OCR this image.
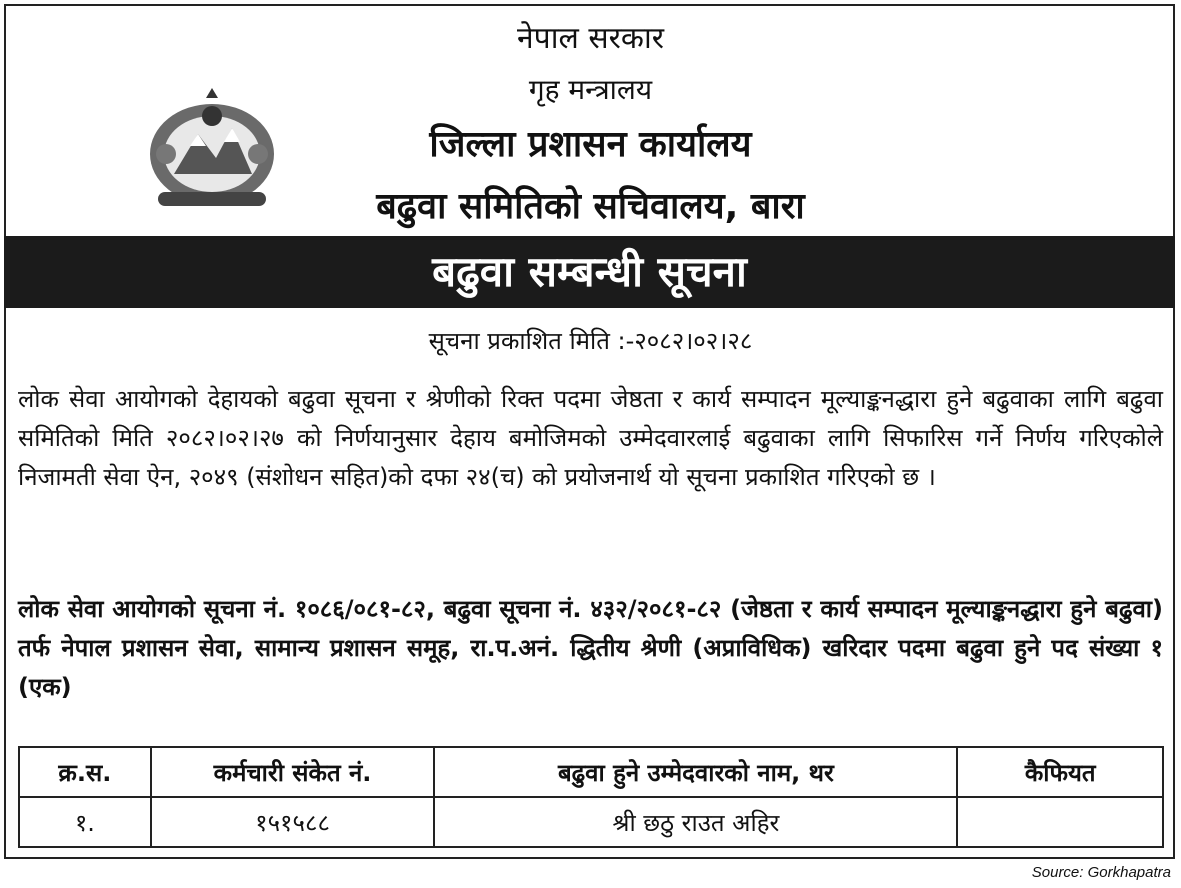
नेपाल सरकार
गृह मन्त्रालय
जिल्ला प्रशासन कार्यालय
बढुवा समितिको सचिवालय, बारा
बढुवा सम्बन्धी सूचना
सूचना प्रकाशित मिति :-२०८२।०२।२८
लोक सेवा आयोगको देहायको बढुवा सूचना र श्रेणीको रिक्त पदमा जेष्ठता र कार्य सम्पादन मूल्याङ्कनद्धारा हुने बढुवाका लागि बढुवा समितिको मिति २०८२।०२।२७ को निर्णयानुसार देहाय बमोजिमको उम्मेदवारलाई बढुवाका लागि सिफारिस गर्ने निर्णय गरिएकोले निजामती सेवा ऐन, २०४९ (संशोधन सहित)को दफा २४(च) को प्रयोजनार्थ यो सूचना प्रकाशित गरिएको छ ।
लोक सेवा आयोगको सूचना नं. १०८६/०८१-८२, बढुवा सूचना नं. ४३२/२०८१-८२ (जेष्ठता र कार्य सम्पादन मूल्याङ्कनद्धारा हुने बढुवा) तर्फ नेपाल प्रशासन सेवा, सामान्य प्रशासन समूह, रा.प.अनं. द्धितीय श्रेणी (अप्राविधिक) खरिदार पदमा बढुवा हुने पद संख्या १ (एक)
क्र.स.	कर्मचारी संकेत नं.	बढुवा हुने उम्मेदवारको नाम, थर	कैफियत
१.	१५१५८८	श्री छठु राउत अहिर	
Source: Gorkhapatra
